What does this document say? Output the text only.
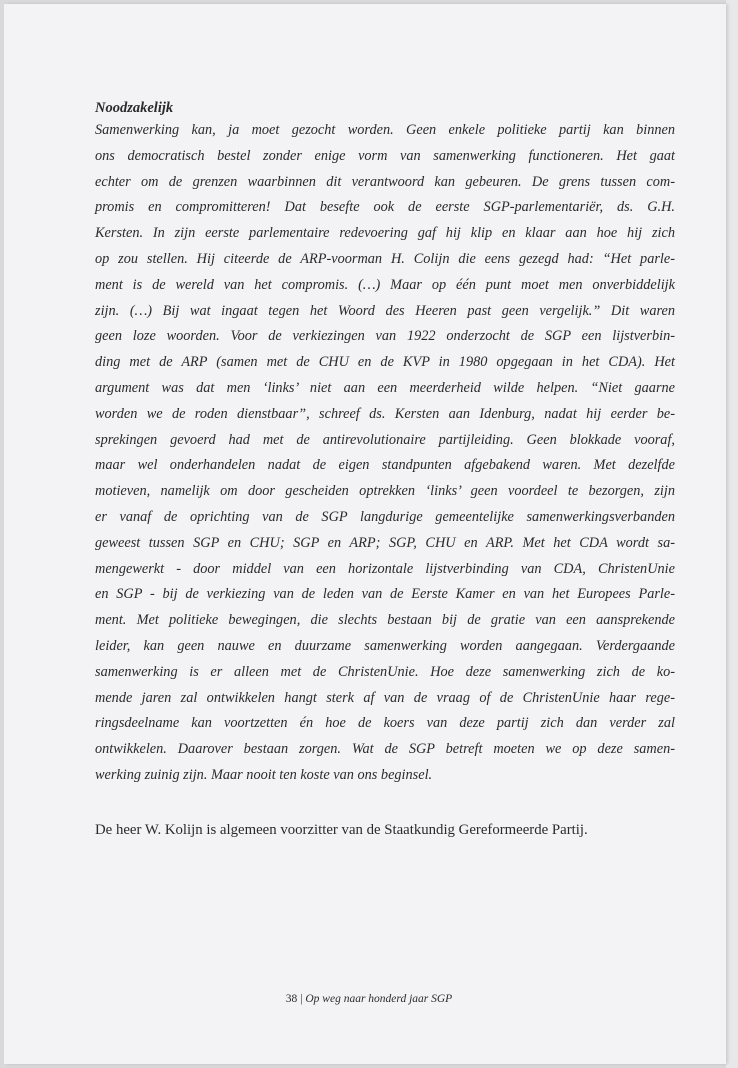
Noodzakelijk

Samenwerking kan, ja moet gezocht worden. Geen enkele politieke partij kan binnen
ons democratisch bestel zonder enige vorm van samenwerking functioneren. Het gaat
echter om de grenzen waarbinnen dit verantwoord kan gebeuren. De grens tussen com-
promis en compromitteren! Dat besefte ook de eerste SGP-parlementariër, ds. G.H.
Kersten. In zijn eerste parlementaire redevoering gaf hij klip en klaar aan hoe hij zich
op zou stellen. Hij citeerde de ARP-voorman H. Colijn die eens gezegd had: “Het parle-
ment is de wereld van het compromis. (…) Maar op één punt moet men onverbiddelijk
zijn. (…) Bij wat ingaat tegen het Woord des Heeren past geen vergelijk.” Dit waren
geen loze woorden. Voor de verkiezingen van 1922 onderzocht de SGP een lijstverbin-
ding met de ARP (samen met de CHU en de KVP in 1980 opgegaan in het CDA). Het
argument was dat men ‘links’ niet aan een meerderheid wilde helpen. “Niet gaarne
worden we de roden dienstbaar”, schreef ds. Kersten aan Idenburg, nadat hij eerder be-
sprekingen gevoerd had met de antirevolutionaire partijleiding. Geen blokkade vooraf,
maar wel onderhandelen nadat de eigen standpunten afgebakend waren. Met dezelfde
motieven, namelijk om door gescheiden optrekken ‘links’ geen voordeel te bezorgen, zijn
er vanaf de oprichting van de SGP langdurige gemeentelijke samenwerkingsverbanden
geweest tussen SGP en CHU; SGP en ARP; SGP, CHU en ARP. Met het CDA wordt sa-
mengewerkt - door middel van een horizontale lijstverbinding van CDA, ChristenUnie
en SGP - bij de verkiezing van de leden van de Eerste Kamer en van het Europees Parle-
ment. Met politieke bewegingen, die slechts bestaan bij de gratie van een aansprekende
leider, kan geen nauwe en duurzame samenwerking worden aangegaan. Verdergaande
samenwerking is er alleen met de ChristenUnie. Hoe deze samenwerking zich de ko-
mende jaren zal ontwikkelen hangt sterk af van de vraag of de ChristenUnie haar rege-
ringsdeelname kan voortzetten én hoe de koers van deze partij zich dan verder zal
ontwikkelen. Daarover bestaan zorgen. Wat de SGP betreft moeten we op deze samen-
werking zuinig zijn. Maar nooit ten koste van ons beginsel.

De heer W. Kolijn is algemeen voorzitter van de Staatkundig Gereformeerde Partij.

38 | Op weg naar honderd jaar SGP
